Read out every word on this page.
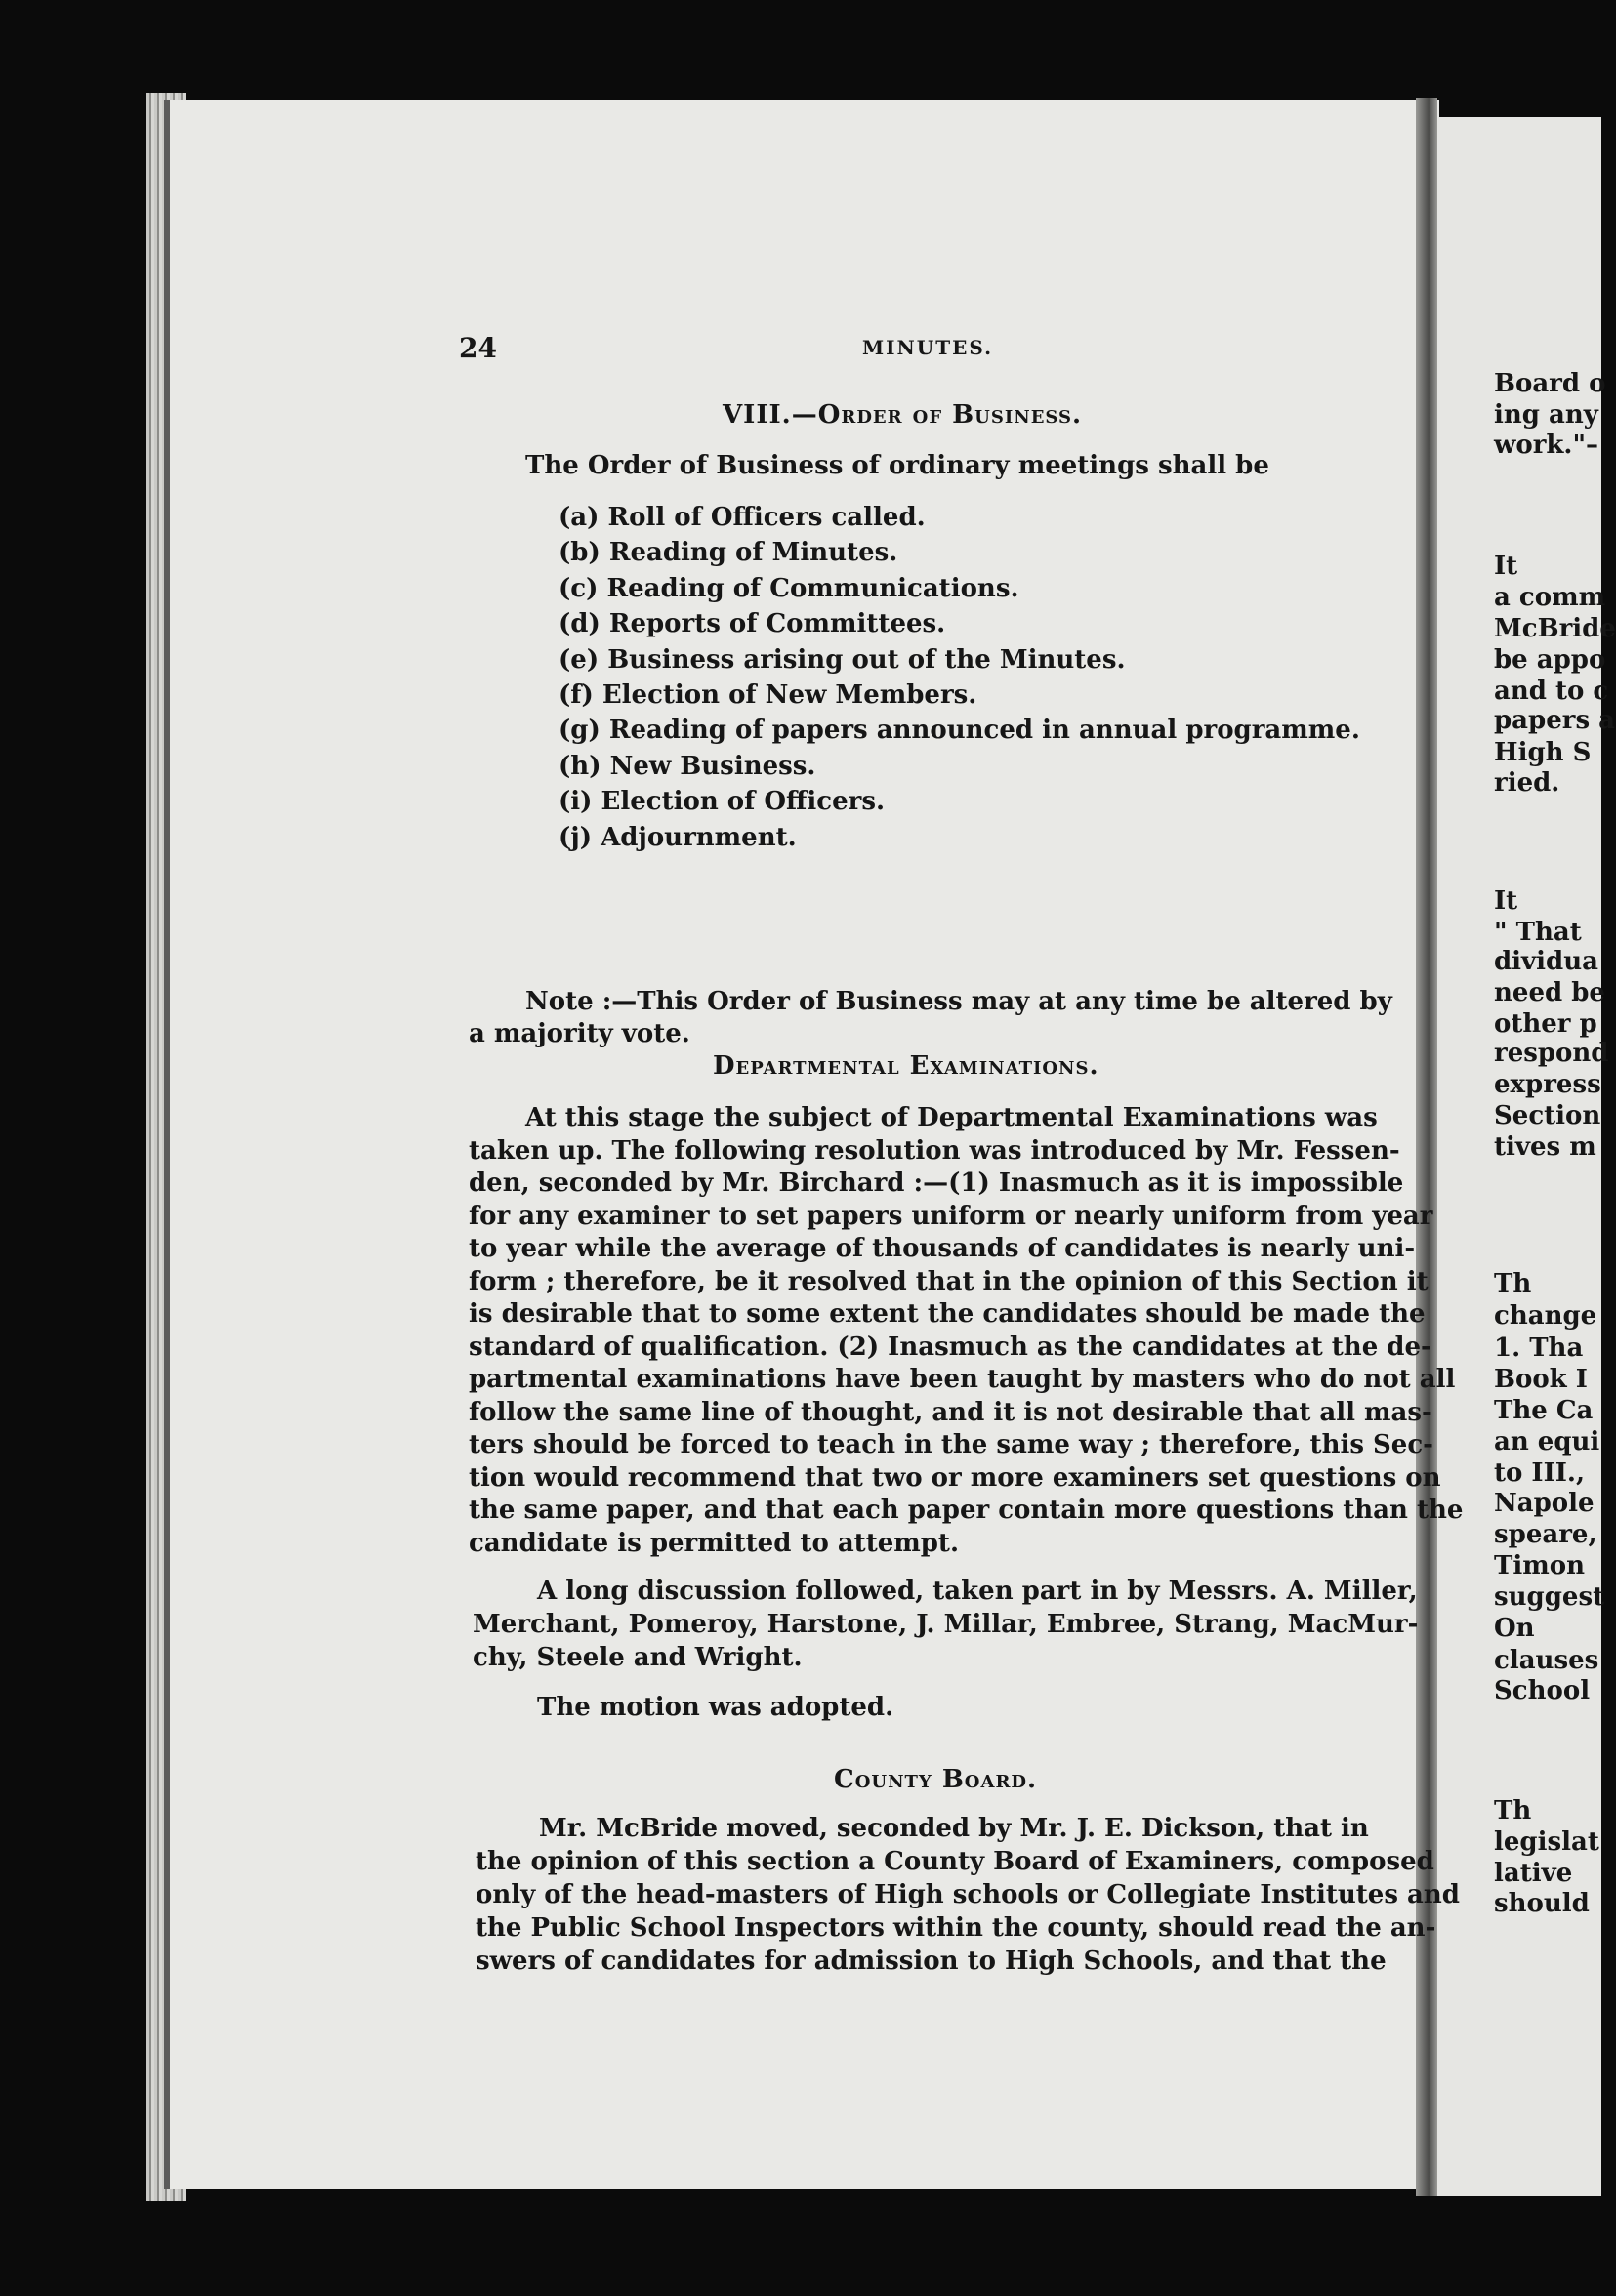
24	MINUTES.
VIII.—Order of Business.
The Order of Business of ordinary meetings shall be
(a) Roll of Officers called.
(b) Reading of Minutes.
(c) Reading of Communications.
(d) Reports of Committees.
(e) Business arising out of the Minutes.
(f) Election of New Members.
(g) Reading of papers announced in annual programme.
(h) New Business.
(i) Election of Officers.
(j) Adjournment.
Note :—This Order of Business may at any time be altered by
a majority vote.
Departmental Examinations.
At this stage the subject of Departmental Examinations was
taken up. The following resolution was introduced by Mr. Fessen-
den, seconded by Mr. Birchard :—(1) Inasmuch as it is impossible
for any examiner to set papers uniform or nearly uniform from year
to year while the average of thousands of candidates is nearly uni-
form ; therefore, be it resolved that in the opinion of this Section it
is desirable that to some extent the candidates should be made the
standard of qualification. (2) Inasmuch as the candidates at the de-
partmental examinations have been taught by masters who do not all
follow the same line of thought, and it is not desirable that all mas-
ters should be forced to teach in the same way ; therefore, this Sec-
tion would recommend that two or more examiners set questions on
the same paper, and that each paper contain more questions than the
candidate is permitted to attempt.
A long discussion followed, taken part in by Messrs. A. Miller,
Merchant, Pomeroy, Harstone, J. Millar, Embree, Strang, MacMur-
chy, Steele and Wright.
The motion was adopted.
County Board.
Mr. McBride moved, seconded by Mr. J. E. Dickson, that in
the opinion of this section a County Board of Examiners, composed
only of the head-masters of High schools or Collegiate Institutes and
the Public School Inspectors within the county, should read the an-
swers of candidates for admission to High Schools, and that the
Board o
ing any
work."–
It
a comm
McBride
be appo
and to c
papers a
High S
ried.
It
" That
dividua
need be
other p
respond
express
Section
tives m
Th
change
1. Tha
Book I
The Ca
an equi
to III.,
Napole
speare,
Timon
suggest
On
clauses
School
Th
legislat
lative
should
